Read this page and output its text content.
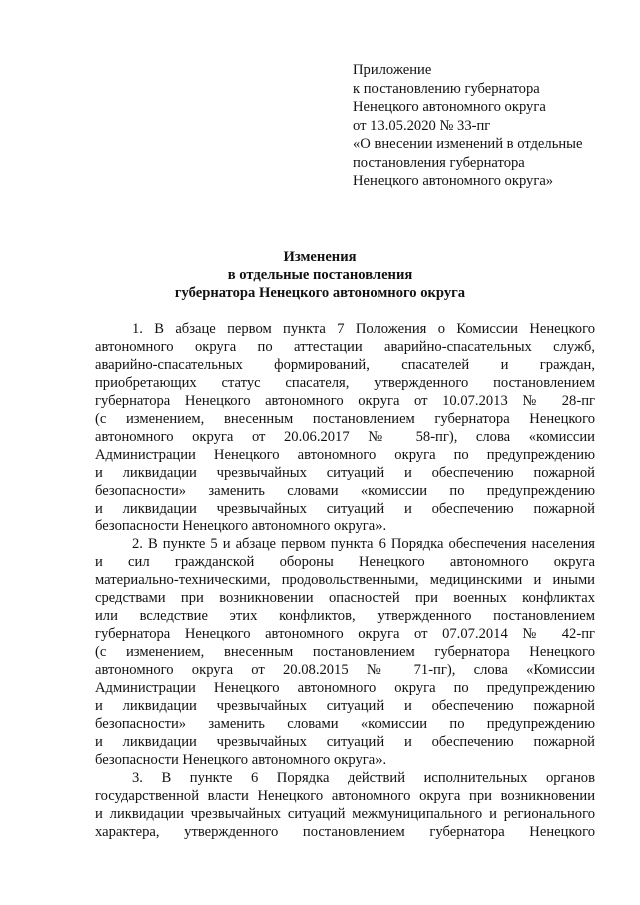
Приложение
к постановлению губернатора
Ненецкого автономного округа
от 13.05.2020 № 33-пг
«О внесении изменений в отдельные
постановления губернатора
Ненецкого автономного округа»
Изменения
в отдельные постановления
губернатора Ненецкого автономного округа
1. В абзаце первом пункта 7 Положения о Комиссии Ненецкого
автономного округа по аттестации аварийно-спасательных служб,
аварийно-спасательных формирований, спасателей и граждан,
приобретающих статус спасателя, утвержденного постановлением
губернатора Ненецкого автономного округа от 10.07.2013 № 28-пг
(с изменением, внесенным постановлением губернатора Ненецкого
автономного округа от 20.06.2017 № 58-пг), слова «комиссии
Администрации Ненецкого автономного округа по предупреждению
и ликвидации чрезвычайных ситуаций и обеспечению пожарной
безопасности» заменить словами «комиссии по предупреждению
и ликвидации чрезвычайных ситуаций и обеспечению пожарной
безопасности Ненецкого автономного округа».
2. В пункте 5 и абзаце первом пункта 6 Порядка обеспечения населения
и сил гражданской обороны Ненецкого автономного округа
материально-техническими, продовольственными, медицинскими и иными
средствами при возникновении опасностей при военных конфликтах
или вследствие этих конфликтов, утвержденного постановлением
губернатора Ненецкого автономного округа от 07.07.2014 № 42-пг
(с изменением, внесенным постановлением губернатора Ненецкого
автономного округа от 20.08.2015 № 71-пг), слова «Комиссии
Администрации Ненецкого автономного округа по предупреждению
и ликвидации чрезвычайных ситуаций и обеспечению пожарной
безопасности» заменить словами «комиссии по предупреждению
и ликвидации чрезвычайных ситуаций и обеспечению пожарной
безопасности Ненецкого автономного округа».
3. В пункте 6 Порядка действий исполнительных органов
государственной власти Ненецкого автономного округа при возникновении
и ликвидации чрезвычайных ситуаций межмуниципального и регионального
характера, утвержденного постановлением губернатора Ненецкого
